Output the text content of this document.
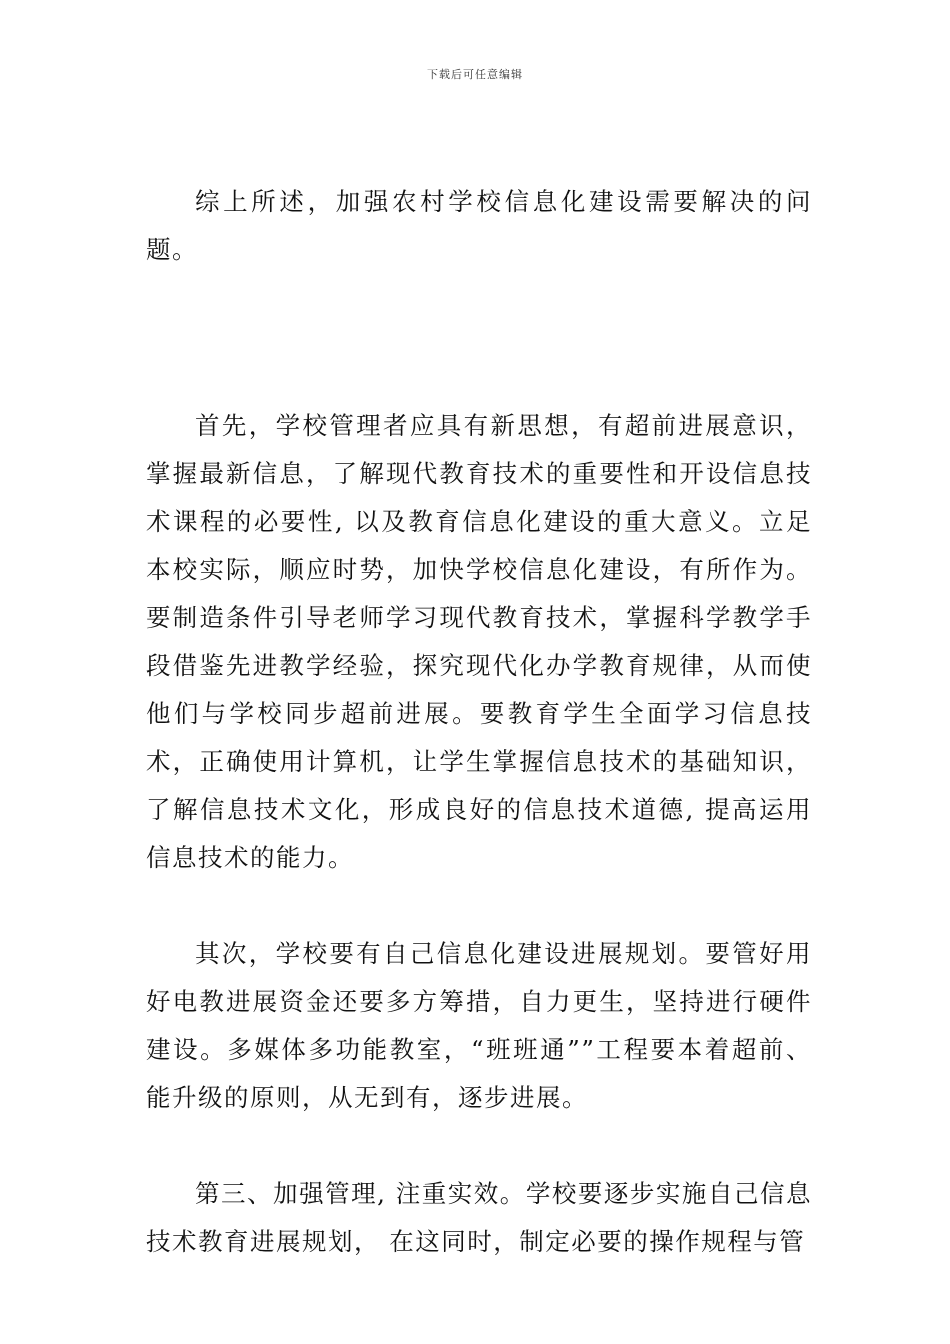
下载后可任意编辑

综上所述，加强农村学校信息化建设需要解决的问题。

首先，学校管理者应具有新思想，有超前进展意识，掌握最新信息，了解现代教育技术的重要性和开设信息技术课程的必要性, 以及教育信息化建设的重大意义。立足本校实际，顺应时势，加快学校信息化建设，有所作为。要制造条件引导老师学习现代教育技术，掌握科学教学手段借鉴先进教学经验，探究现代化办学教育规律，从而使他们与学校同步超前进展。要教育学生全面学习信息技术，正确使用计算机，让学生掌握信息技术的基础知识，了解信息技术文化，形成良好的信息技术道德, 提高运用信息技术的能力。

其次，学校要有自己信息化建设进展规划。要管好用好电教进展资金还要多方筹措，自力更生，坚持进行硬件建设。多媒体多功能教室，“班班通””工程要本着超前、能升级的原则，从无到有，逐步进展。

第三、加强管理, 注重实效。学校要逐步实施自己信息技术教育进展规划， 在这同时，制定必要的操作规程与管
